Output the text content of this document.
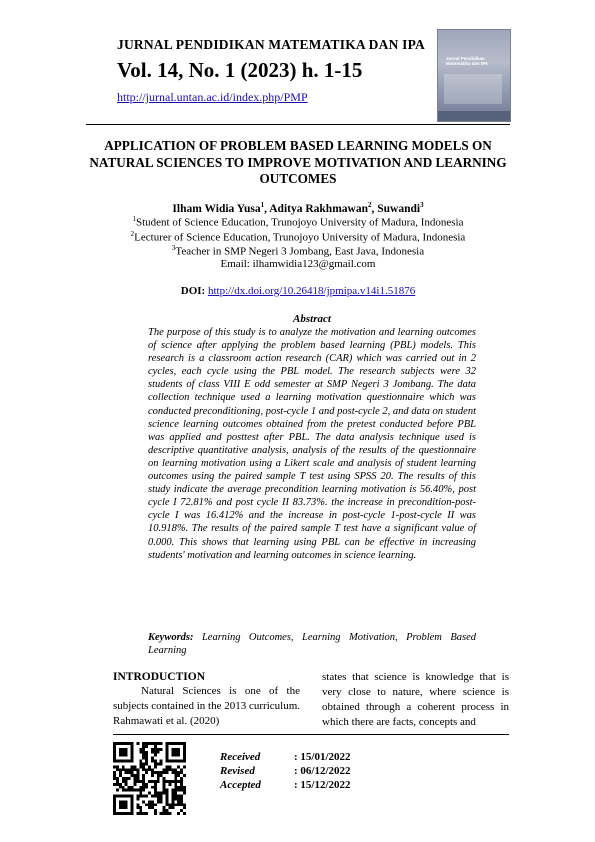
JURNAL PENDIDIKAN MATEMATIKA DAN IPA
Vol. 14, No. 1 (2023) h. 1-15
http://jurnal.untan.ac.id/index.php/PMP
Jurnal Pendidikan Matematika dan IPA
APPLICATION OF PROBLEM BASED LEARNING MODELS ON NATURAL SCIENCES TO IMPROVE MOTIVATION AND LEARNING OUTCOMES
Ilham Widia Yusa$^1$, Aditya Rakhmawan$^2$, Suwandi$^3$
$^1$Student of Science Education, Trunojoyo University of Madura, Indonesia
$^2$Lecturer of Science Education, Trunojoyo University of Madura, Indonesia
$^3$Teacher in SMP Negeri 3 Jombang, East Java, Indonesia
Email: ilhamwidia123@gmail.com
DOI: http://dx.doi.org/10.26418/jpmipa.v14i1.51876
Abstract

The purpose of this study is to analyze the motivation and learning outcomes of science after applying the problem based learning (PBL) models. This research is a classroom action research (CAR) which was carried out in 2 cycles, each cycle using the PBL model. The research subjects were 32 students of class VIII E odd semester at SMP Negeri 3 Jombang. The data collection technique used a learning motivation questionnaire which was conducted preconditioning, post-cycle 1 and post-cycle 2, and data on student science learning outcomes obtained from the pretest conducted before PBL was applied and posttest after PBL. The data analysis technique used is descriptive quantitative analysis, analysis of the results of the questionnaire on learning motivation using a Likert scale and analysis of student learning outcomes using the paired sample T test using SPSS 20. The results of this study indicate the average precondition learning motivation is 56.40%, post cycle I 72.81% and post cycle II 83.73%. the increase in precondition-post-cycle I was 16.412% and the increase in post-cycle 1-post-cycle II was 10.918%. The results of the paired sample T test have a significant value of 0.000. This shows that learning using PBL can be effective in increasing students' motivation and learning outcomes in science learning.

Keywords: Learning Outcomes, Learning Motivation, Problem Based Learning
INTRODUCTION

Natural Sciences is one of the subjects contained in the 2013 curriculum. Rahmawati et al. (2020)

states that science is knowledge that is very close to nature, where science is obtained through a coherent process in which there are facts, concepts and

Received	: 15/01/2022
Revised	: 06/12/2022
Accepted	: 15/12/2022
